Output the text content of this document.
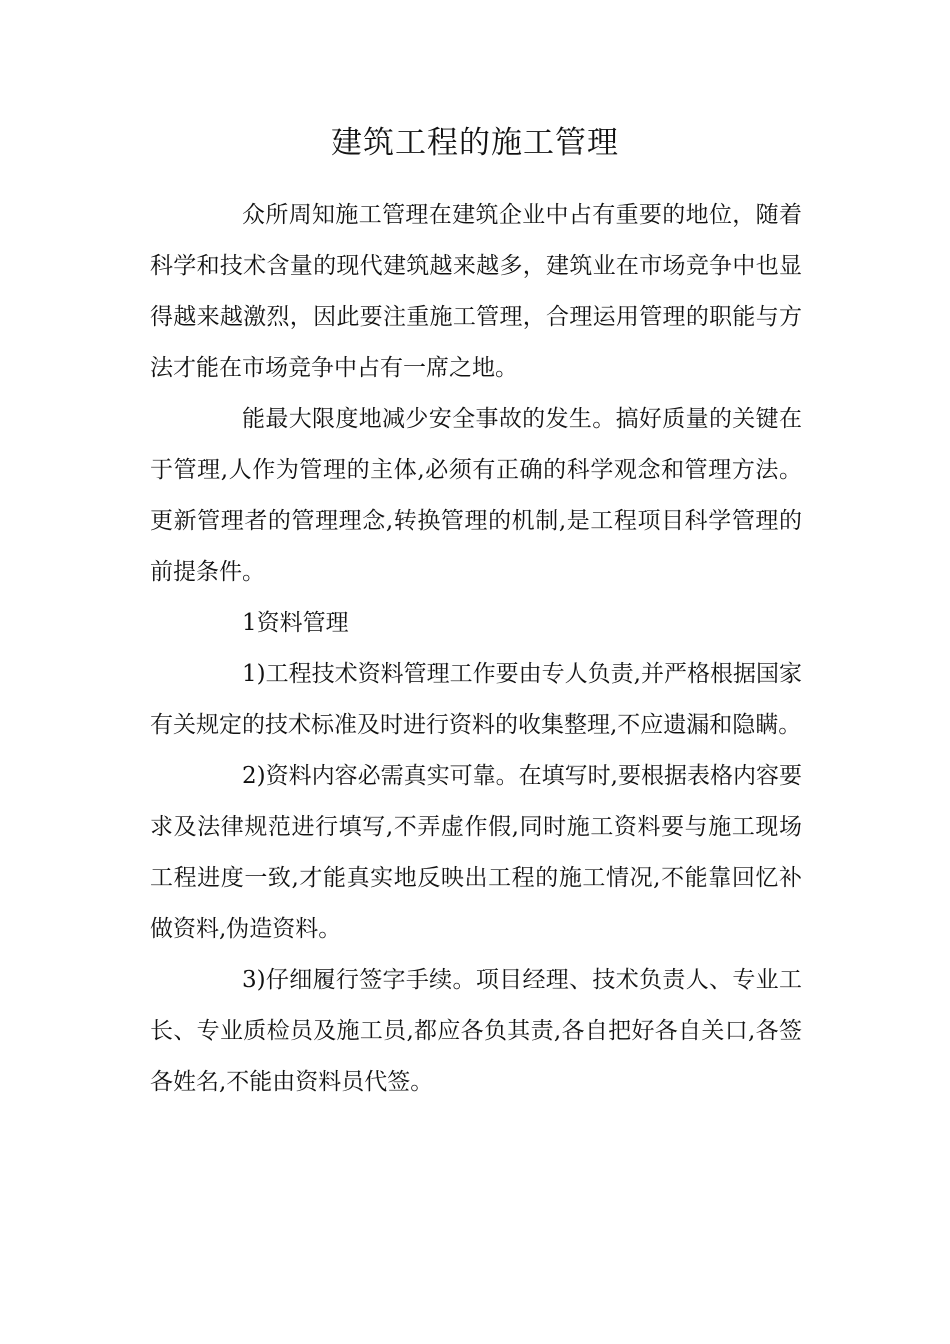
建筑工程的施工管理

众所周知施工管理在建筑企业中占有重要的地位，随着科学和技术含量的现代建筑越来越多，建筑业在市场竞争中也显得越来越激烈，因此要注重施工管理，合理运用管理的职能与方法才能在市场竞争中占有一席之地。

能最大限度地减少安全事故的发生。搞好质量的关键在于管理,人作为管理的主体,必须有正确的科学观念和管理方法。更新管理者的管理理念,转换管理的机制,是工程项目科学管理的前提条件。

1资料管理

1)工程技术资料管理工作要由专人负责,并严格根据国家有关规定的技术标准及时进行资料的收集整理,不应遗漏和隐瞒。

2)资料内容必需真实可靠。在填写时,要根据表格内容要求及法律规范进行填写,不弄虚作假,同时施工资料要与施工现场工程进度一致,才能真实地反映出工程的施工情况,不能靠回忆补做资料,伪造资料。

3)仔细履行签字手续。项目经理、技术负责人、专业工长、专业质检员及施工员,都应各负其责,各自把好各自关口,各签各姓名,不能由资料员代签。
